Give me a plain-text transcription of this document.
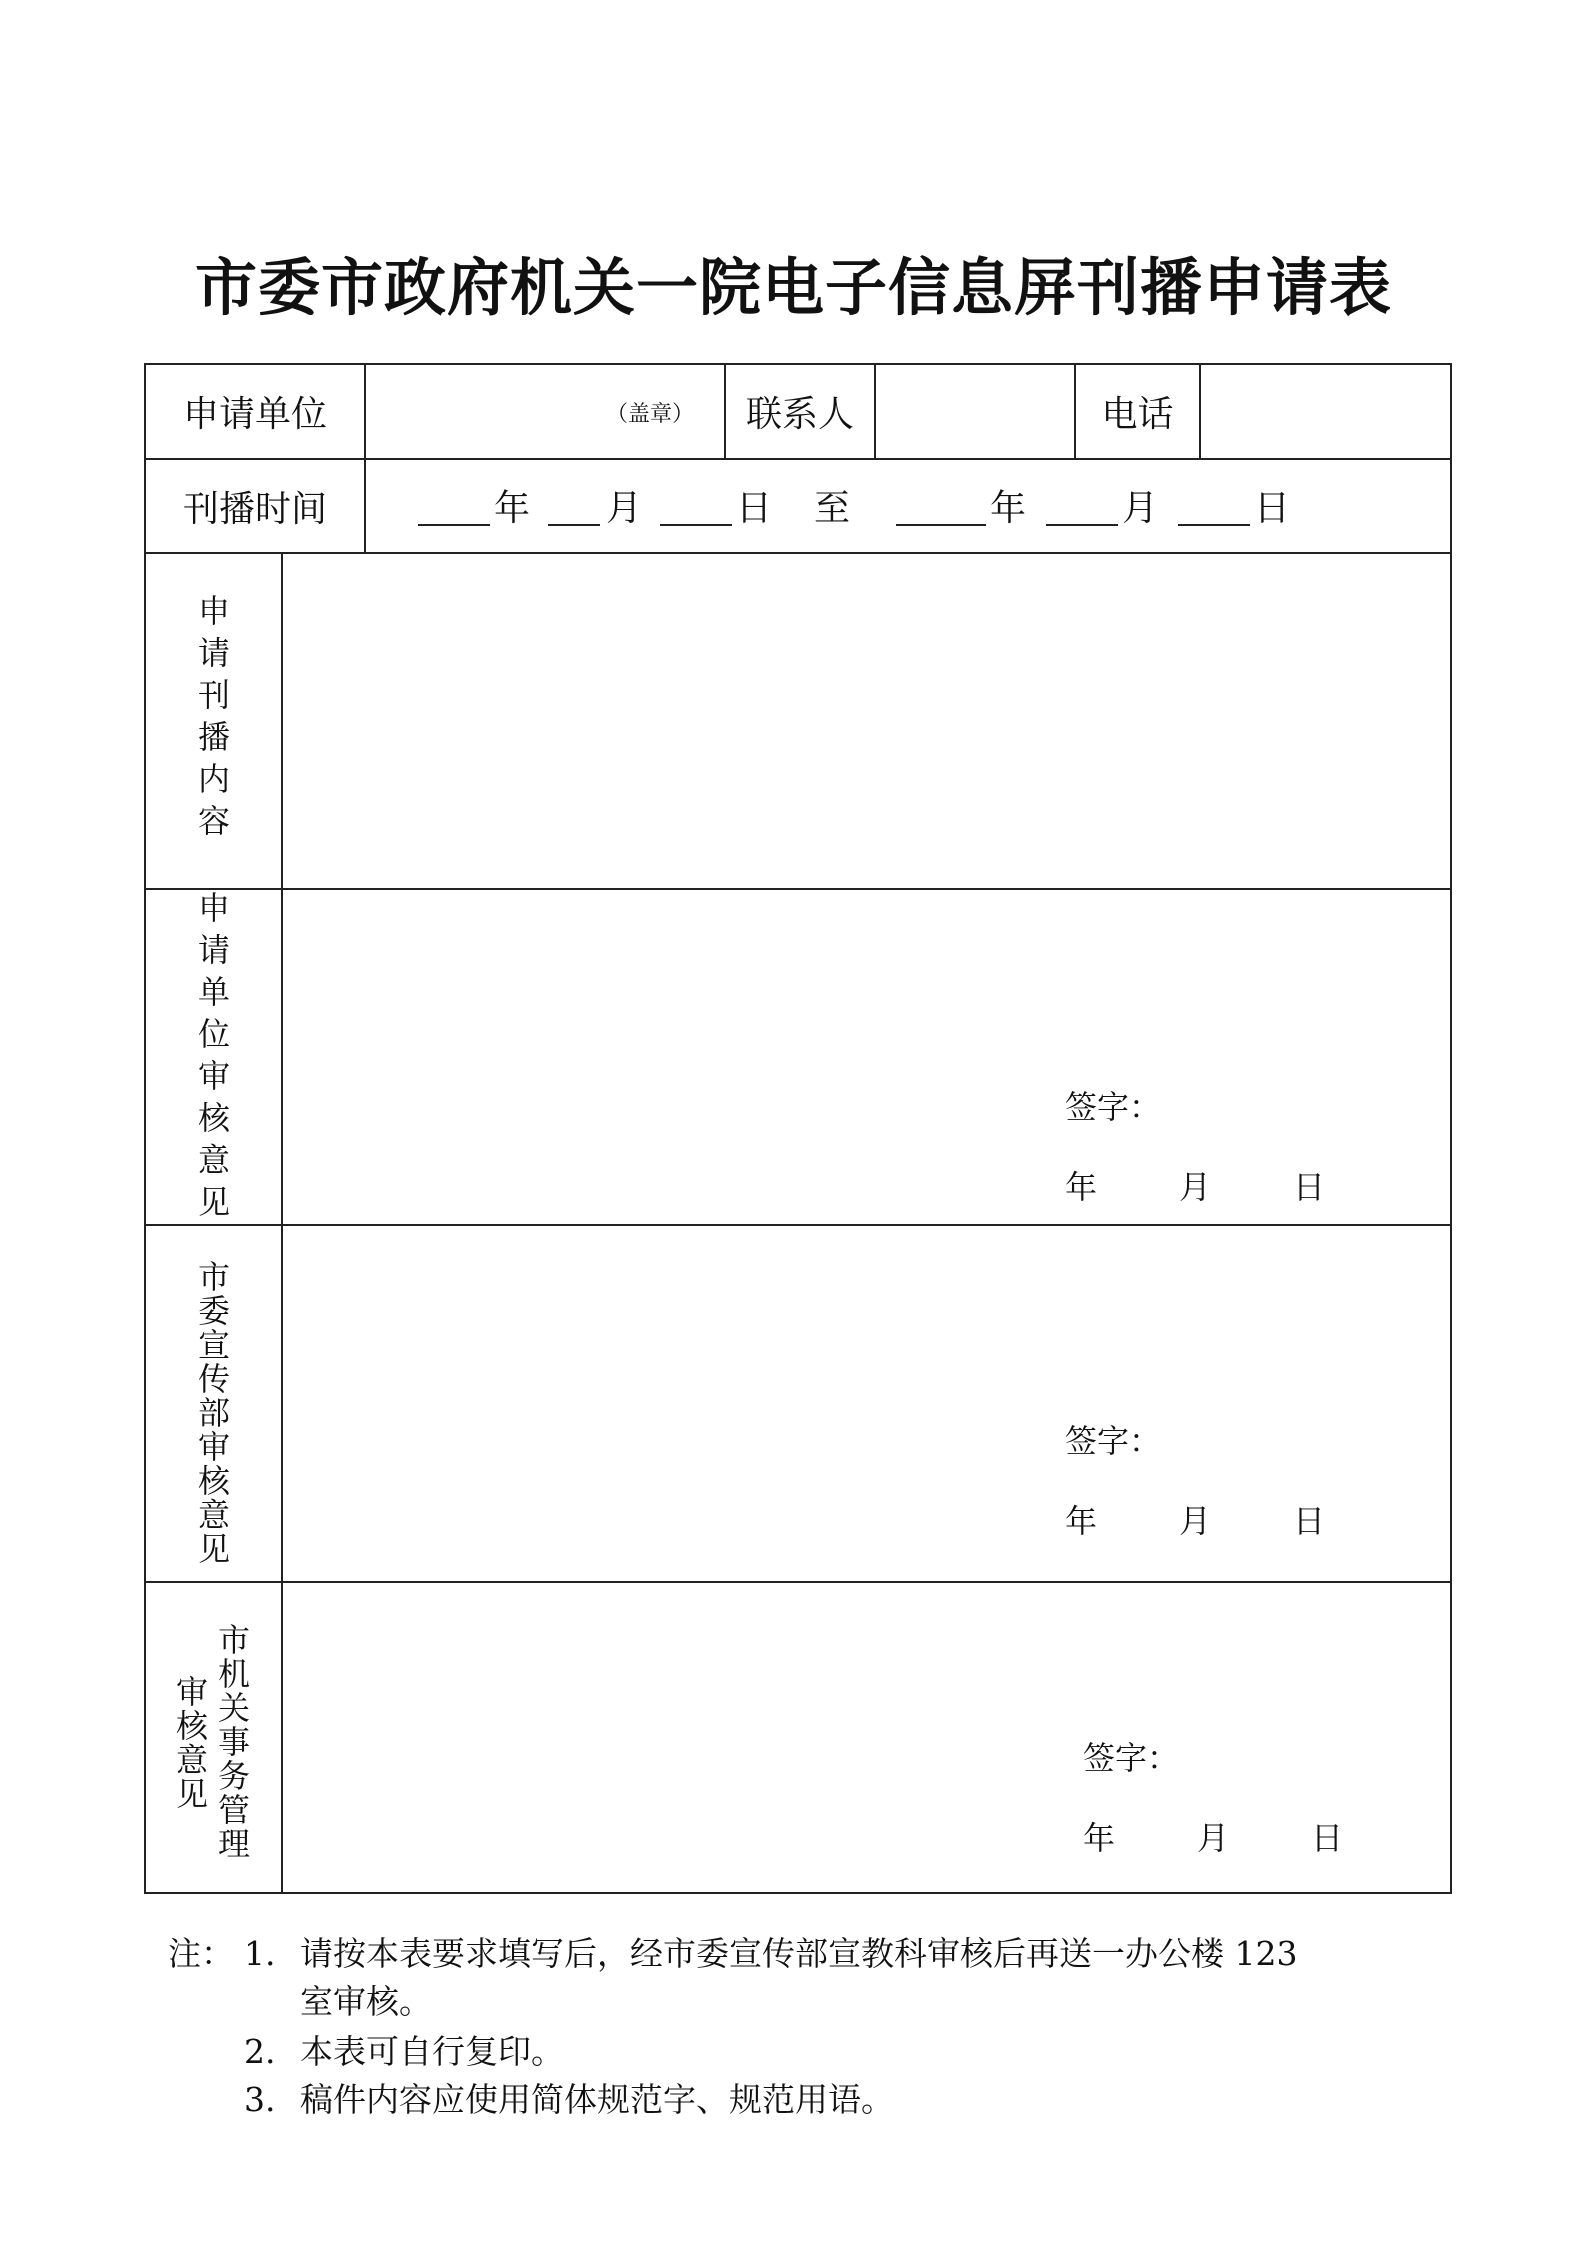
市委市政府机关一院电子信息屏刊播申请表
申请单位	（盖章）	联系人	电话
刊播时间	年 月	日 至	年	月	日
申请刊播内容
申请单位审核意见
签字：
年	月	日
市委宣传部审核意见
签字：
年	月	日
市机关事务管理
审核意见
签字：
年	月	日
注： 1. 请按本表要求填写后，经市委宣传部宣教科审核后再送一办公楼 123
室审核。
2. 本表可自行复印。
3. 稿件内容应使用简体规范字、规范用语。
